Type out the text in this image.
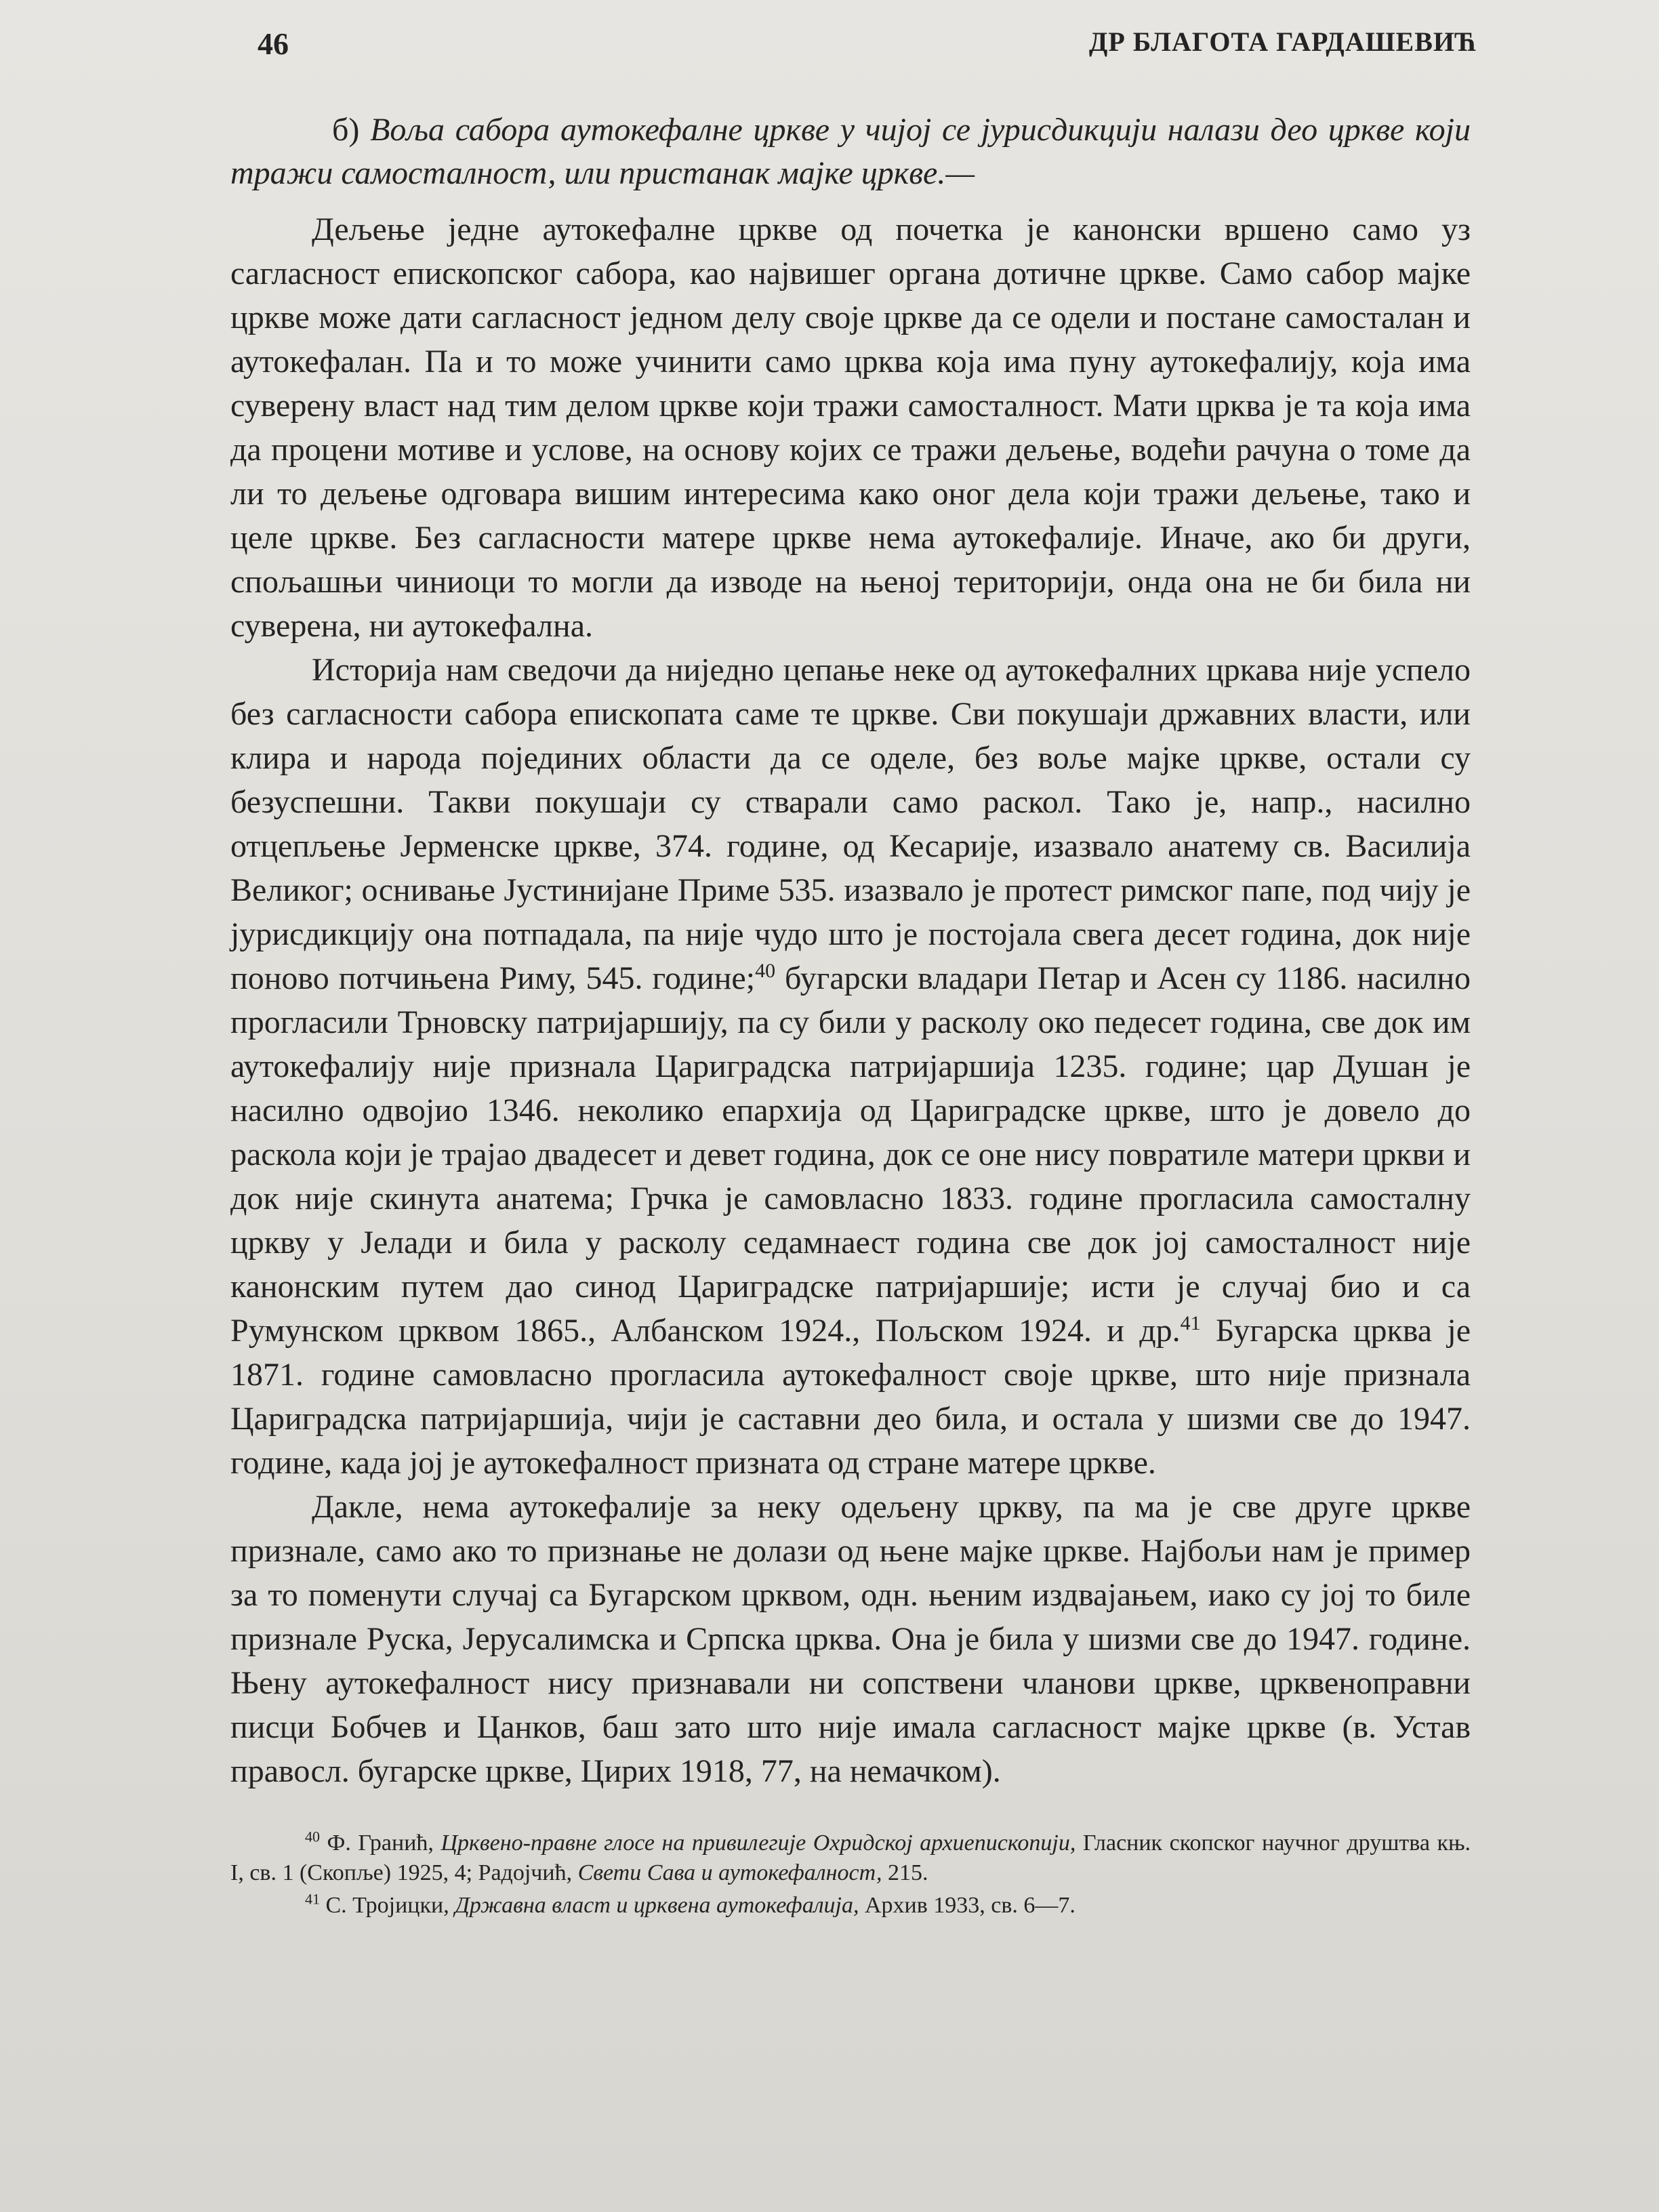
46	ДР БЛАГОТА ГАРДАШЕВИЋ

б) Воља сабора аутокефалне цркве у чијој се јурисдикцији налази део цркве који тражи самосталност, или пристанак мајке цркве.—

Дељење једне аутокефалне цркве од почетка је канонски вршено само уз сагласност епископског сабора, као највишег органа дотичне цркве. Само сабор мајке цркве може дати сагласност једном делу своје цркве да се одели и постане самосталан и аутокефалан. Па и то може учинити само црква која има пуну аутокефалију, која има суверену власт над тим делом цркве који тражи самосталност. Мати црква је та која има да процени мотиве и услове, на основу којих се тражи дељење, водећи рачуна о томе да ли то дељење одговара вишим интересима како оног дела који тражи дељење, тако и целе цркве. Без сагласности матере цркве нема аутокефалије. Иначе, ако би други, спољашњи чиниоци то могли да изводе на њеној територији, онда она не би била ни суверена, ни аутокефална.

Историја нам сведочи да ниједно цепање неке од аутокефалних цркава није успело без сагласности сабора епископата саме те цркве. Сви покушаји државних власти, или клира и народа појединих области да се оделе, без воље мајке цркве, остали су безуспешни. Такви покушаји су стварали само раскол. Тако је, напр., насилно отцепљење Јерменске цркве, 374. године, од Кесарије, изазвало анатему св. Василија Великог; оснивање Јустинијане Приме 535. изазвало је протест римског папе, под чију је јурисдикцију она потпадала, па није чудо што је постојала свега десет година, док није поново потчињена Риму, 545. године;$^{40}$ бугарски владари Петар и Асен су 1186. насилно прогласили Трновску патријаршију, па су били у расколу око педесет година, све док им аутокефалију није признала Цариградска патријаршија 1235. године; цар Душан је насилно одвојио 1346. неколико епархија од Цариградске цркве, што је довело до раскола који је трајао двадесет и девет година, док се оне нису повратиле матери цркви и док није скинута анатема; Грчка је самовласно 1833. године прогласила самосталну цркву у Јелади и била у расколу седамнаест година све док јој самосталност није канонским путем дао синод Цариградске патријаршије; исти је случај био и са Румунском црквом 1865., Албанском 1924., Пољском 1924. и др.$^{41}$ Бугарска црква је 1871. године самовласно прогласила аутокефалност своје цркве, што није признала Цариградска патријаршија, чији је саставни део била, и остала у шизми све до 1947. године, када јој је аутокефалност призната од стране матере цркве.

Дакле, нема аутокефалије за неку одељену цркву, па ма је све друге цркве признале, само ако то признање не долази од њене мајке цркве. Најбољи нам је пример за то поменути случај са Бугарском црквом, одн. њеним издвајањем, иако су јој то биле признале Руска, Јерусалимска и Српска црква. Она је била у шизми све до 1947. године. Њену аутокефалност нису признавали ни сопствени чланови цркве, црквеноправни писци Бобчев и Цанков, баш зато што није имала сагласност мајке цркве (в. Устав правосл. бугарске цркве, Цирих 1918, 77, на немачком).

$^{40}$ Ф. Гранић, Црквено-правне глосе на привилегије Охридској архиепископији, Гласник скопског научног друштва књ. I, св. 1 (Скопље) 1925, 4; Радојчић, Свети Сава и аутокефалност, 215.

$^{41}$ С. Тројицки, Државна власт и црквена аутокефалија, Архив 1933, св. 6—7.
